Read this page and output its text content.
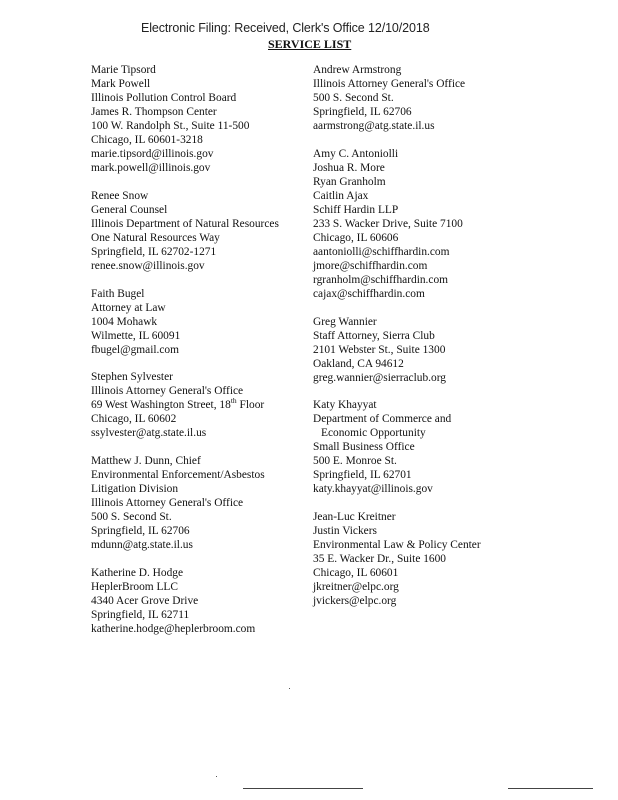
Electronic Filing: Received, Clerk's Office 12/10/2018
SERVICE LIST
Marie Tipsord
Mark Powell
Illinois Pollution Control Board
James R. Thompson Center
100 W. Randolph St., Suite 11-500
Chicago, IL 60601-3218
marie.tipsord@illinois.gov
mark.powell@illinois.gov
Renee Snow
General Counsel
Illinois Department of Natural Resources
One Natural Resources Way
Springfield, IL 62702-1271
renee.snow@illinois.gov
Faith Bugel
Attorney at Law
1004 Mohawk
Wilmette, IL 60091
fbugel@gmail.com
Stephen Sylvester
Illinois Attorney General's Office
69 West Washington Street, 18th Floor
Chicago, IL 60602
ssylvester@atg.state.il.us
Matthew J. Dunn, Chief
Environmental Enforcement/Asbestos
Litigation Division
Illinois Attorney General's Office
500 S. Second St.
Springfield, IL 62706
mdunn@atg.state.il.us
Katherine D. Hodge
HeplerBroom LLC
4340 Acer Grove Drive
Springfield, IL 62711
katherine.hodge@heplerbroom.com
Andrew Armstrong
Illinois Attorney General's Office
500 S. Second St.
Springfield, IL 62706
aarmstrong@atg.state.il.us
Amy C. Antoniolli
Joshua R. More
Ryan Granholm
Caitlin Ajax
Schiff Hardin LLP
233 S. Wacker Drive, Suite 7100
Chicago, IL 60606
aantoniolli@schiffhardin.com
jmore@schiffhardin.com
rgranholm@schiffhardin.com
cajax@schiffhardin.com
Greg Wannier
Staff Attorney, Sierra Club
2101 Webster St., Suite 1300
Oakland, CA 94612
greg.wannier@sierraclub.org
Katy Khayyat
Department of Commerce and
Economic Opportunity
Small Business Office
500 E. Monroe St.
Springfield, IL 62701
katy.khayyat@illinois.gov
Jean-Luc Kreitner
Justin Vickers
Environmental Law & Policy Center
35 E. Wacker Dr., Suite 1600
Chicago, IL 60601
jkreitner@elpc.org
jvickers@elpc.org
